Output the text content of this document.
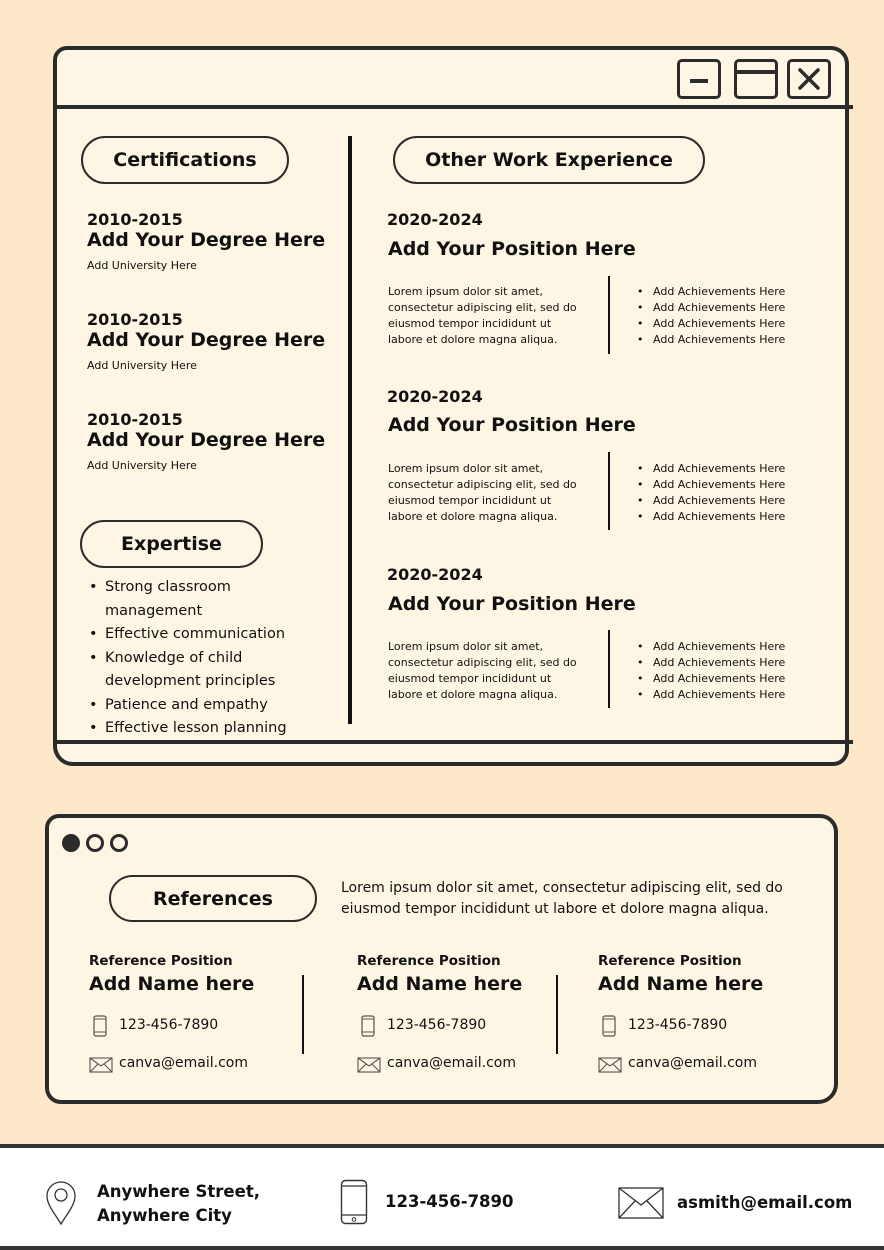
Certifications
2010-2015
Add Your Degree Here
Add University Here
2010-2015
Add Your Degree Here
Add University Here
2010-2015
Add Your Degree Here
Add University Here
Expertise
• Strong classroom management
• Effective communication
• Knowledge of child development principles
• Patience and empathy
• Effective lesson planning
Other Work Experience
2020-2024
Add Your Position Here
Lorem ipsum dolor sit amet, consectetur adipiscing elit, sed do eiusmod tempor incididunt ut labore et dolore magna aliqua.
• Add Achievements Here
• Add Achievements Here
• Add Achievements Here
• Add Achievements Here
2020-2024
Add Your Position Here
Lorem ipsum dolor sit amet, consectetur adipiscing elit, sed do eiusmod tempor incididunt ut labore et dolore magna aliqua.
• Add Achievements Here
• Add Achievements Here
• Add Achievements Here
• Add Achievements Here
2020-2024
Add Your Position Here
Lorem ipsum dolor sit amet, consectetur adipiscing elit, sed do eiusmod tempor incididunt ut labore et dolore magna aliqua.
• Add Achievements Here
• Add Achievements Here
• Add Achievements Here
• Add Achievements Here
References	Lorem ipsum dolor sit amet, consectetur adipiscing elit, sed do eiusmod tempor incididunt ut labore et dolore magna aliqua.
Reference Position
Add Name here
123-456-7890
canva@email.com
Reference Position
Add Name here
123-456-7890
canva@email.com
Reference Position
Add Name here
123-456-7890
canva@email.com
Anywhere Street,
Anywhere City
123-456-7890	asmith@email.com
